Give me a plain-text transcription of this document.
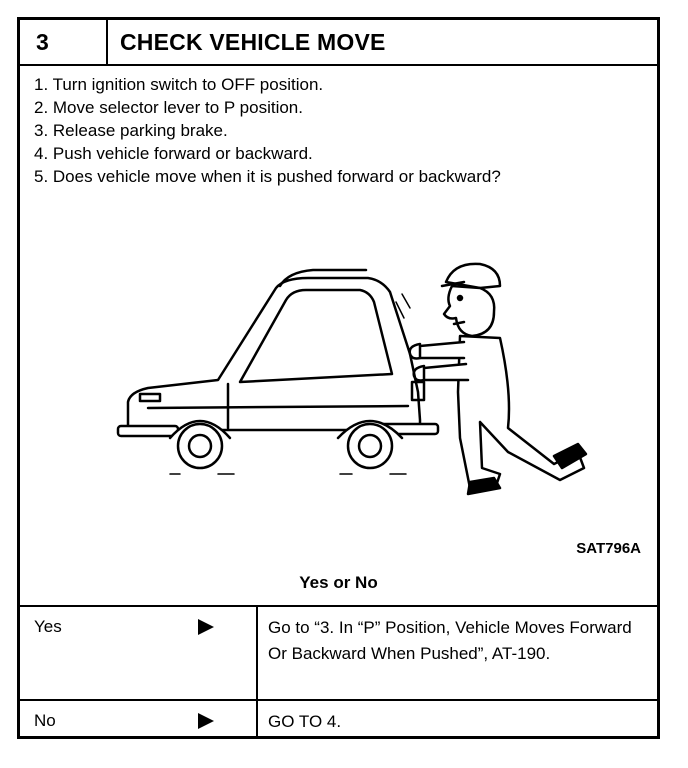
3	CHECK VEHICLE MOVE
1. Turn ignition switch to OFF position.
2. Move selector lever to P position.
3. Release parking brake.
4. Push vehicle forward or backward.
5. Does vehicle move when it is pushed forward or backward?
SAT796A
Yes or No
Yes	Go to “3. In “P” Position, Vehicle Moves Forward Or Backward When Pushed”, AT-190.
No	GO TO 4.
